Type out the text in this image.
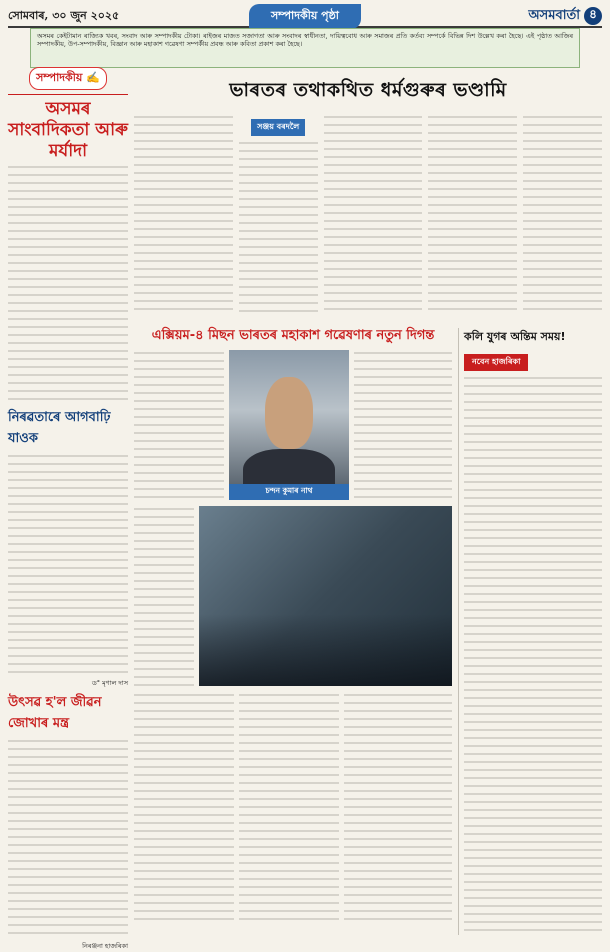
সোমবাৰ, ৩০ জুন ২০২৫	সম্পাদকীয় পৃষ্ঠা	অসমবাৰ্তা ৪
অসমৰ কেইটামান ৰাজ্যিক খবৰ, সংবাদ আৰু সম্পাদকীয় টোকা। ৰাইজৰ মাজত সজাগতা আৰু সংবাদৰ স্বাধীনতা, দায়িত্ববোধ আৰু সমাজৰ প্ৰতি কৰ্তব্য সম্পৰ্কে বিভিন্ন দিশ উল্লেখ কৰা হৈছে। এই পৃষ্ঠাত আজিৰ সম্পাদকীয়, উপ-সম্পাদকীয়, বিজ্ঞান আৰু মহাকাশ গৱেষণা সম্পৰ্কীয় প্ৰবন্ধ আৰু কবিতা প্ৰকাশ কৰা হৈছে।
সম্পাদকীয় ✍
অসমৰ সাংবাদিকতা আৰু মৰ্যাদা
নিৰৱতাৰে আগবাঢ়ি যাওক
ড° মৃণাল দাস
উৎসৱ হ'ল জীৱন জোখাৰ মন্ত্ৰ
নিৰঞ্জনা হাজৰিকা
ভাৰতৰ তথাকথিত ধৰ্মগুৰুৰ ভণ্ডামি
সঞ্জয় বৰদলৈ
এক্সিয়ম-৪ মিছন ভাৰতৰ মহাকাশ গৱেষণাৰ নতুন দিগন্ত
চন্দন কুমাৰ নাথ
কলি যুগৰ অন্তিম সময়!
নবেন হাজৰিকা
